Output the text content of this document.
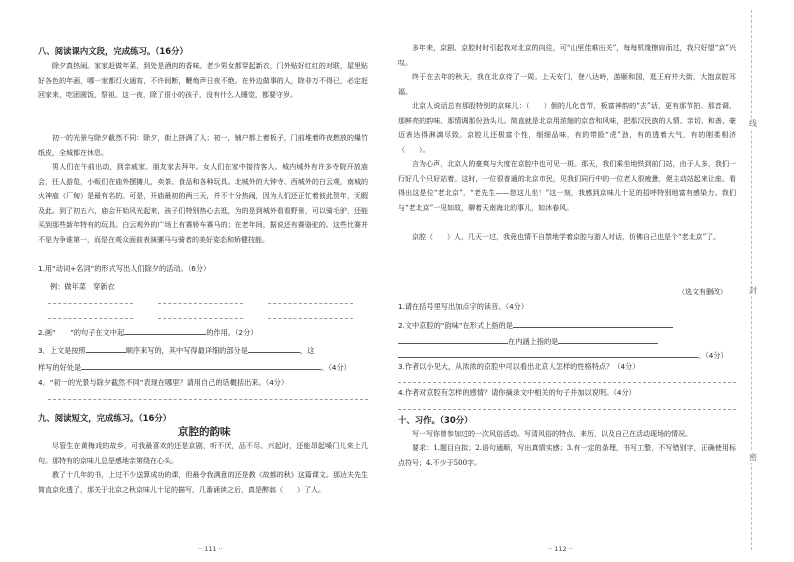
八、阅读课内文段，完成练习。（16分）

除夕真热闹。家家赶做年菜，到处是酒肉的香味。老少男女都穿起新衣，门外贴好红红的对联，屋里贴好各色的年画，哪一家都灯火通宵，不许间断，鞭炮声日夜不绝。在外边做事的人，除非万不得已，必定赶回家来，吃团圆饭，祭祖。这一夜，除了很小的孩子，没有什么人睡觉，都要守岁。

初一的光景与除夕截然不同：除夕，街上挤满了人；初一，铺户都上着板子，门前堆着昨夜燃放的爆竹纸皮，全城都在休息。

男人们在午前出动，到亲戚家、朋友家去拜年。女人们在家中接待客人。城内城外有许多寺院开放庙会，任人游览，小贩们在庙外摆摊儿，卖茶、食品和各种玩具。北城外的大钟寺、西城外的白云观，南城的火神庙（厂甸）是最有名的。可是，开庙最初的两三天，并不十分热闹，因为人们还正忙着彼此贺年，无暇及此。到了初五六，庙会开始风光起来，孩子们特别热心去逛，为的是到城外看看野景，可以骑毛驴，还能买到那些新年特有的玩具。白云观外的广场上有赛轿车赛马的；在老年间，据说还有赛骆驼的。这些比赛并不是为争谁第一，而是在观众面前表演骡马与骑者的美好姿态和矫健技能。

1.用“动词+名词”的形式写出人们除夕的活动。（6分）
例：做年菜　穿新衣
2.画“　　”的句子在文中起	的作用。（2分）
3．上文是按照	顺序来写的，其中写得最详细的部分是	，这
样写的好处是	。（4分）
4．“初一的光景与除夕截然不同”表现在哪里？请用自己的话概括出来。（4分）
九、阅读短文，完成练习。（16分）
京腔的韵味

尽管生在黄梅戏的故乡，可我最喜欢的还是京剧，听不厌，品不尽。兴起时，还能昂起嗓门儿来上几句。那特有的京味儿总是感地亲第绕在心头。

教了十几年的书，上过不少送算成功的课，但最令我满意的还是教《故都的秋》这篇课文。那达夫先生简直京化透了，那关于北京之秋京味儿十足的描写，几番诵读之后，真是醉翁（　　）了人。

·· 111 ··

多年来，京剧、京腔时时引起我对北京的向往，可“山里佳难出关”，每每机缘擦肩而过，我只好望“京”兴叹。

终于在去年的秋天，我在北京待了一周。上天安门，登八达岭，游颐和园，逛王府井大街，大饱京腔耳福。

北京人说话总有那股特别的京味儿：（　　）倒的儿化音节，板富神韵的“去”话，更有那节拍、那音调、那鲜亮的韵味、那情调那份劲头儿。简直就是北京用浓缩的京音和风味，把那汉民族的人情、亲切、和善、豪迈表达得淋漓尽致。京腔儿还极富个性，细细品味，有的带股“虎”劲，有的透着大气，有的刚柔相济（　　）。

言为心声，北京人的豪爽与大度在京腔中也可见一斑。那天，我们乘坐地铁到前门站，由于人多，我们一行好几个只好站着。这时，一位很普通的北京市民，见我们同行中的一位老人很疲惫，便主动站起来让座。看得出这是位“老北京”，“老先生——您这儿坐！”这一刻，我感到京味儿十足的招呼特别地富有感染力。我们与“老北京”一见如故，聊着天南海北的事儿，如沐春风。

京腔（　　）人，几天一过，我竟也情不自禁地学着京腔与游人对话，仿佛自己也是个“老北京”了。

（选文有删改）
1.请在括号里写出加点字的读音。（4分）
2.文中京腔的“韵味”在形式上指的是
在内涵上指的是
。（4分）
3.作者以小见大，从浓浓的京腔中可以看出北京人怎样的性格特点？（4分）
4.作者对京腔有怎样的感情？请你摘录文中相关的句子并加以说明。（4分）
十、习作。（30分）

写一写你曾参加过的一次风俗活动。写清风俗的特点、来历，以及自己在活动现场的情况。

要求：1.题目自拟；2.语句通顺，写出真情实感；3.有一定的条理，书写工整，不写错别字，正确使用标点符号；4.不少于500字。

·· 112 ··
线
封
密
